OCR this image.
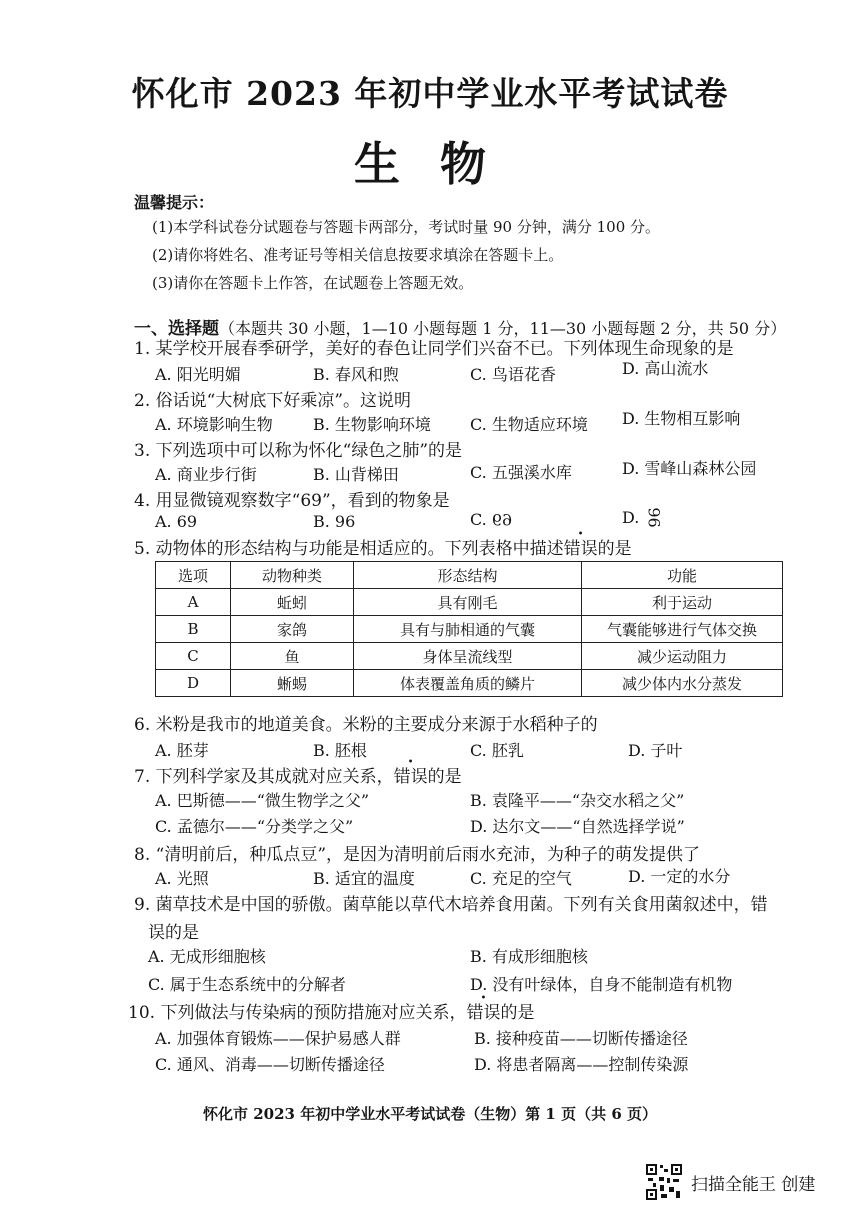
怀化市 2023 年初中学业水平考试试卷
生物
温馨提示：
(1)本学科试卷分试题卷与答题卡两部分，考试时量 90 分钟，满分 100 分。
(2)请你将姓名、准考证号等相关信息按要求填涂在答题卡上。
(3)请你在答题卡上作答，在试题卷上答题无效。
一、选择题（本题共 30 小题，1—10 小题每题 1 分，11—30 小题每题 2 分，共 50 分）
1. 某学校开展春季研学，美好的春色让同学们兴奋不已。下列体现生命现象的是
A. 阳光明媚	B. 春风和煦	C. 鸟语花香	D. 高山流水
2. 俗话说“大树底下好乘凉”。这说明
A. 环境影响生物	B. 生物影响环境 C. 生物适应环境 D. 生物相互影响
3. 下列选项中可以称为怀化“绿色之肺”的是
A. 商业步行街	B. 山背梯田	C. 五强溪水库	D. 雪峰山森林公园
4. 用显微镜观察数字“69”，看到的物象是
A. 69	B. 96	C. 69	D. 96
5. 动物体的形态结构与功能是相适应的。下列表格中描述错误的是
选项	动物种类	形态结构	功能
A	蚯蚓	具有刚毛	利于运动
B	家鸽	具有与肺相通的气囊	气囊能够进行气体交换
C	鱼	身体呈流线型	减少运动阻力
D	蜥蜴	体表覆盖角质的鳞片	减少体内水分蒸发
6. 米粉是我市的地道美食。米粉的主要成分来源于水稻种子的
A. 胚芽	B. 胚根	C. 胚乳	D. 子叶
7. 下列科学家及其成就对应关系，错误的是
A. 巴斯德——“微生物学之父”	B. 袁隆平——“杂交水稻之父”
C. 孟德尔——“分类学之父”	D. 达尔文——“自然选择学说”
8. “清明前后，种瓜点豆”，是因为清明前后雨水充沛，为种子的萌发提供了
A. 光照	B. 适宜的温度	C. 充足的空气	D. 一定的水分
9. 菌草技术是中国的骄傲。菌草能以草代木培养食用菌。下列有关食用菌叙述中，错
误的是
A. 无成形细胞核	B. 有成形细胞核
C. 属于生态系统中的分解者	D. 没有叶绿体，自身不能制造有机物
10. 下列做法与传染病的预防措施对应关系，错误的是
A. 加强体育锻炼——保护易感人群	B. 接种疫苗——切断传播途径
C. 通风、消毒——切断传播途径	D. 将患者隔离——控制传染源
怀化市 2023 年初中学业水平考试试卷（生物）第 1 页（共 6 页）
扫描全能王 创建
